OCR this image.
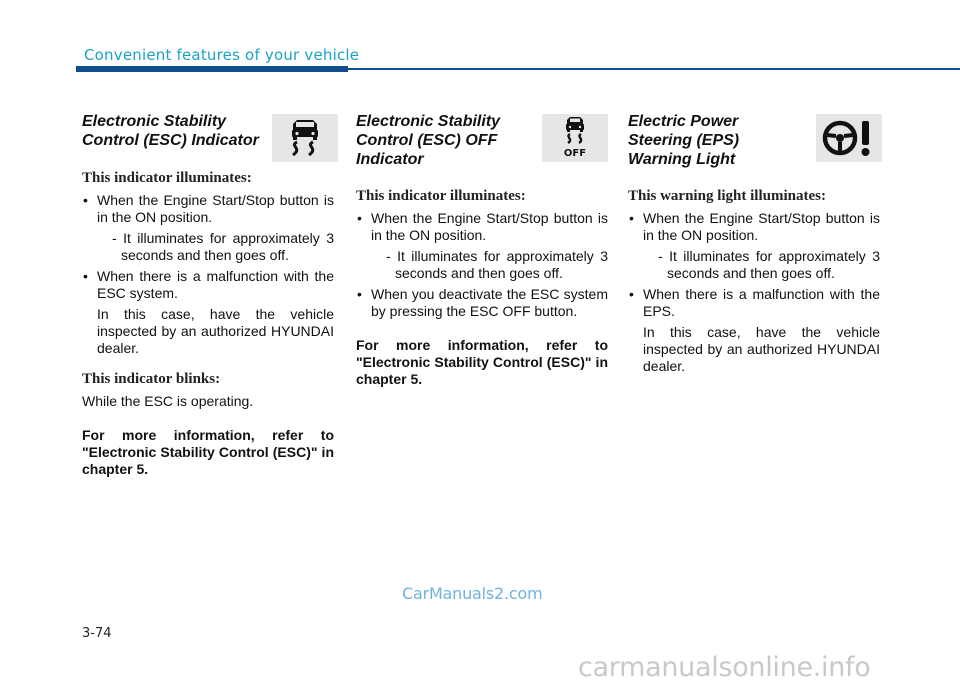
Convenient features of your vehicle
Electronic Stability
Control (ESC) Indicator

This indicator illuminates:

• When the Engine Start/Stop button is in the ON position.
- It illuminates for approximately 3 seconds and then goes off.
• When there is a malfunction with the ESC system.
In this case, have the vehicle inspected by an authorized HYUNDAI dealer.

This indicator blinks:

While the ESC is operating.

For more information, refer to "Electronic Stability Control (ESC)" in chapter 5.

Electronic Stability
Control (ESC) OFF
Indicator	OFF

This indicator illuminates:

• When the Engine Start/Stop button is in the ON position.
- It illuminates for approximately 3 seconds and then goes off.
• When you deactivate the ESC system by pressing the ESC OFF button.

For more information, refer to "Electronic Stability Control (ESC)" in chapter 5.

Electric Power
Steering (EPS)
Warning Light

This warning light illuminates:

• When the Engine Start/Stop button is in the ON position.
- It illuminates for approximately 3 seconds and then goes off.
• When there is a malfunction with the EPS.
In this case, have the vehicle inspected by an authorized HYUNDAI dealer.
CarManuals2.com
3-74
carmanualsonline.info
